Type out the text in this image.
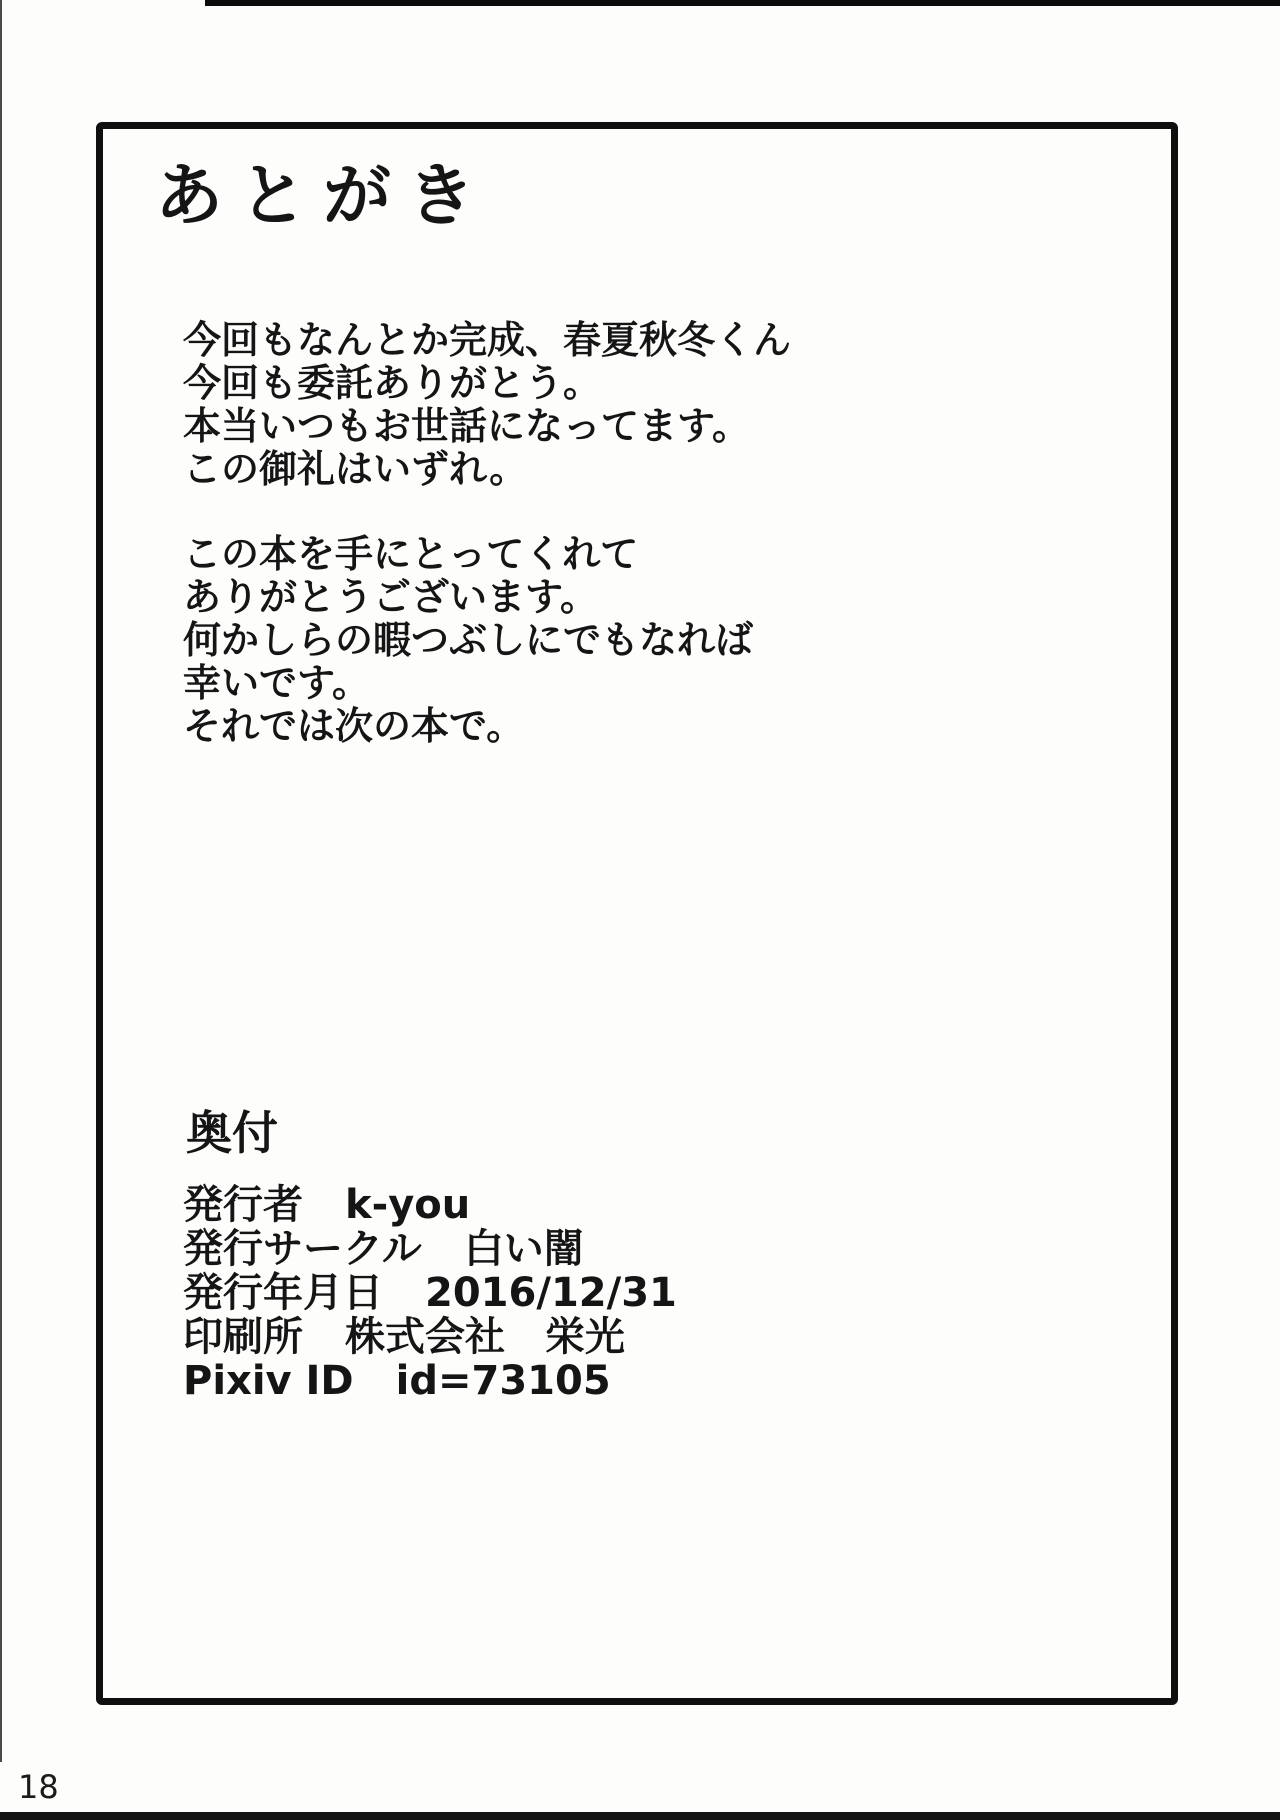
あとがき
今回もなんとか完成、春夏秋冬くん
今回も委託ありがとう。
本当いつもお世話になってます。
この御礼はいずれ。
この本を手にとってくれて
ありがとうございます。
何かしらの暇つぶしにでもなれば
幸いです。
それでは次の本で。
奥付
発行者 k-you
発行サークル 白い闇
発行年月日 2016/12/31
印刷所 株式会社　栄光
Pixiv ID id=73105
18
